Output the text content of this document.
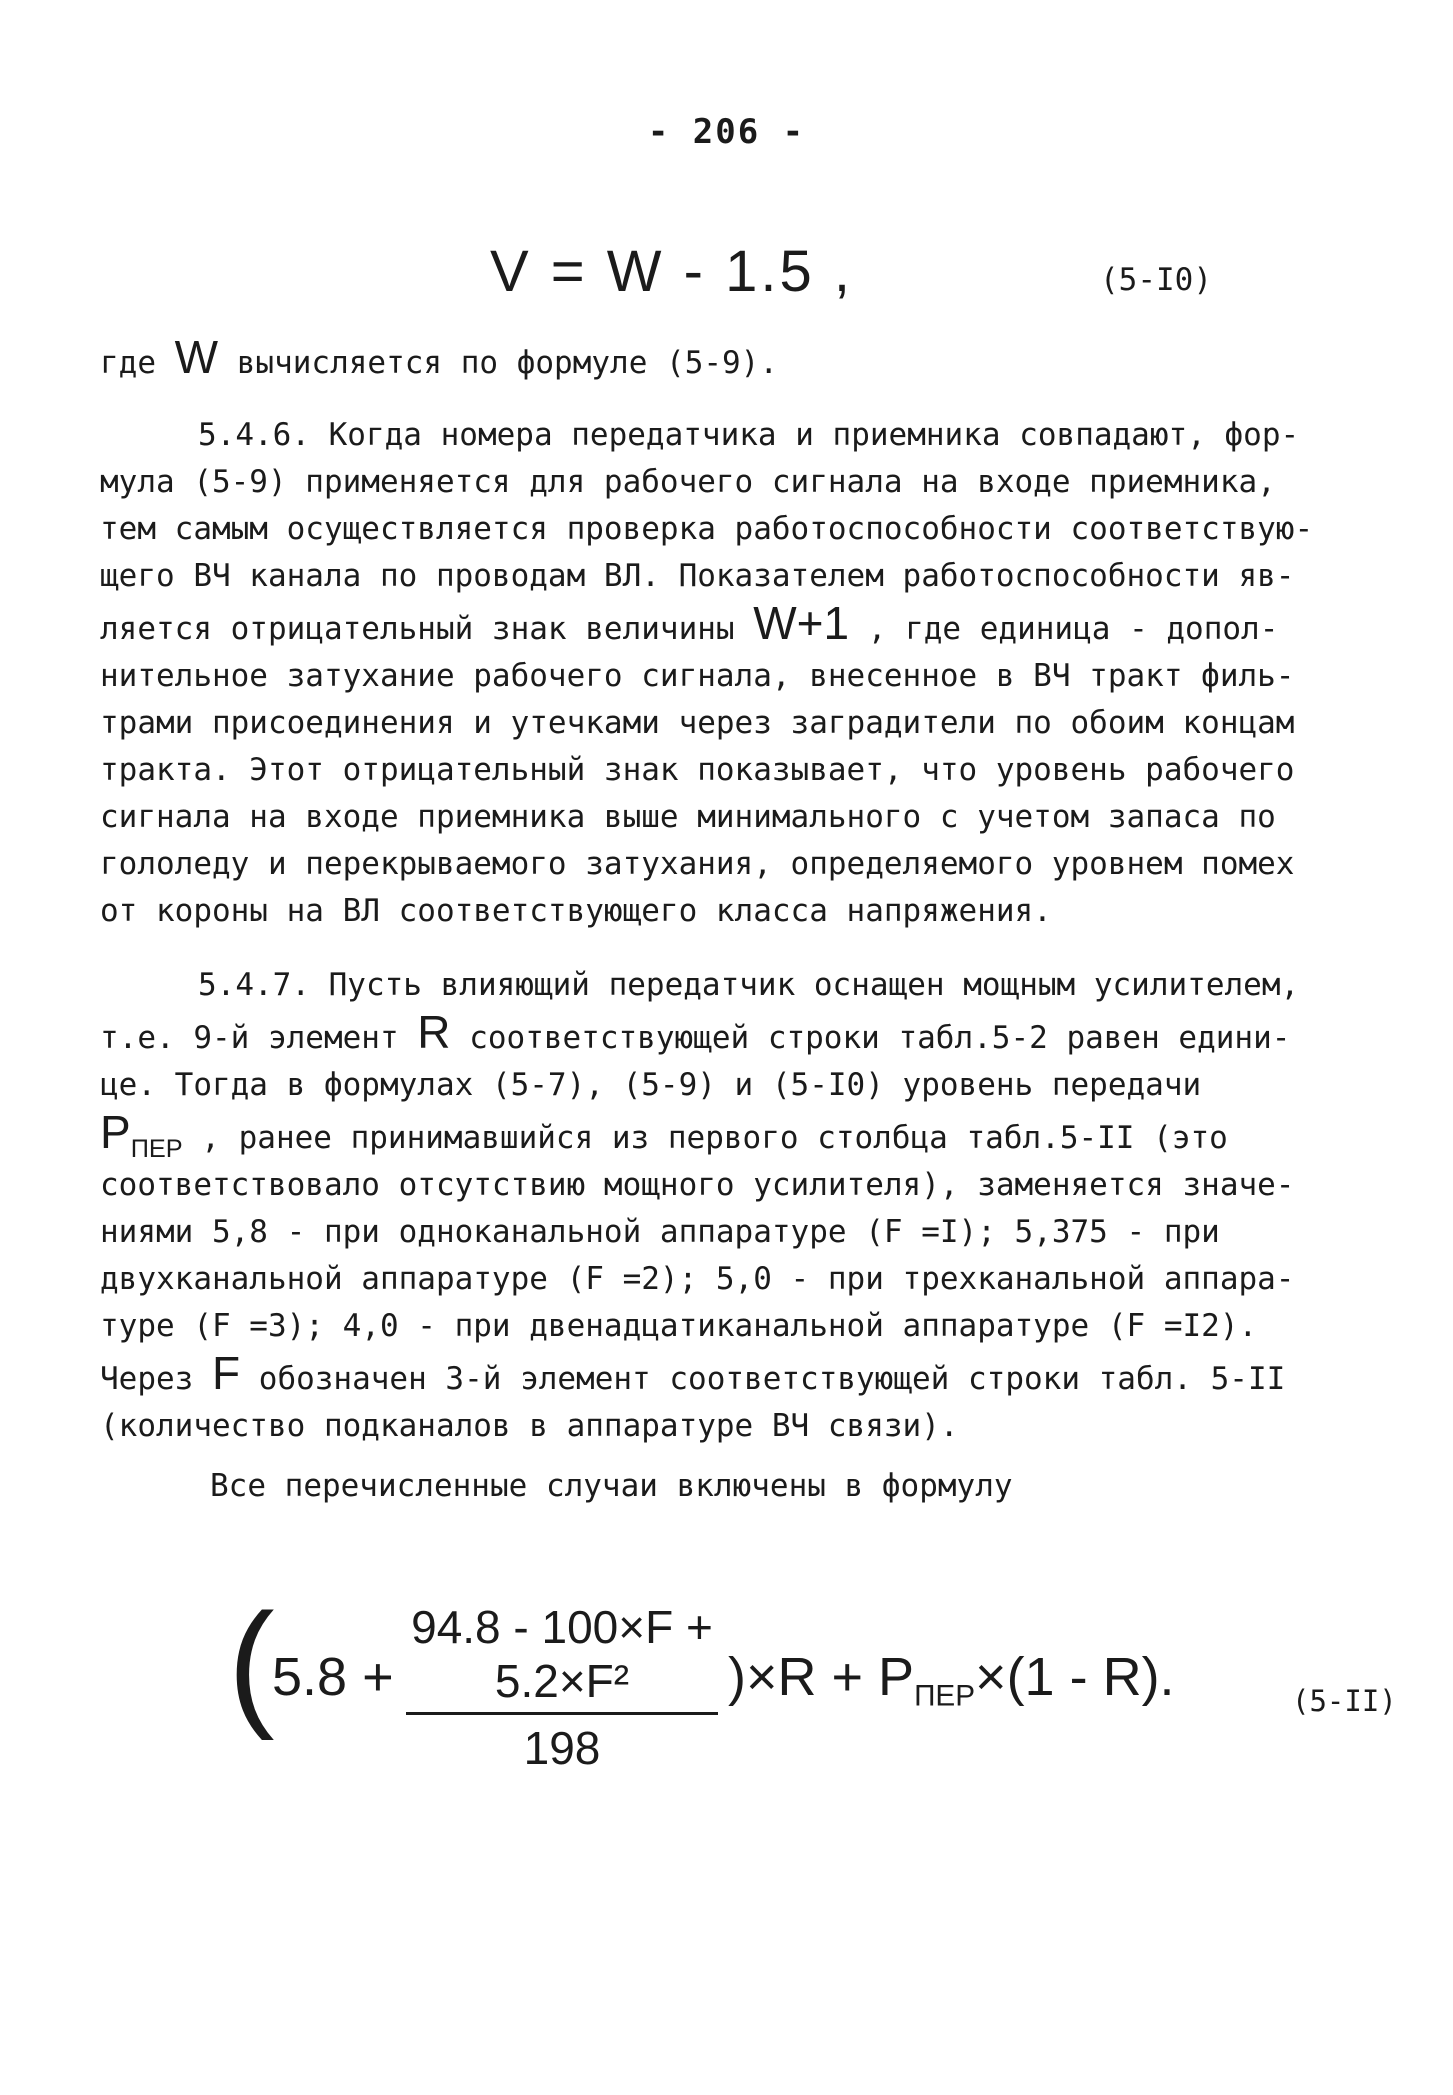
- 206 -
V = W - 1.5 ,	(5-I0)
где W вычисляется по формуле (5-9).
5.4.6. Когда номера передатчика и приемника совпадают, фор-
мула (5-9) применяется для рабочего сигнала на входе приемника,
тем самым осуществляется проверка работоспособности соответствую-
щего ВЧ канала по проводам ВЛ. Показателем работоспособности яв-
ляется отрицательный знак величины W+1 , где единица - допол-
нительное затухание рабочего сигнала, внесенное в ВЧ тракт филь-
трами присоединения и утечками через заградители по обоим концам
тракта. Этот отрицательный знак показывает, что уровень рабочего
сигнала на входе приемника выше минимального с учетом запаса по
гололеду и перекрываемого затухания, определяемого уровнем помех
от короны на ВЛ соответствующего класса напряжения.
5.4.7. Пусть влияющий передатчик оснащен мощным усилителем,
т.е. 9-й элемент R соответствующей строки табл.5-2 равен едини-
це. Тогда в формулах (5-7), (5-9) и (5-I0) уровень передачи
$P_{ПЕР}$ , ранее принимавшийся из первого столбца табл.5-II (это
соответствовало отсутствию мощного усилителя), заменяется значе-
ниями 5,8 - при одноканальной аппаратуре (F =I); 5,375 - при
двухканальной аппаратуре (F =2); 5,0 - при трехканальной аппара-
туре (F =3); 4,0 - при двенадцатиканальной аппаратуре (F =I2).
Через F обозначен 3-й элемент соответствующей строки табл. 5-II
(количество подканалов в аппаратуре ВЧ связи).
Все перечисленные случаи включены в формулу
(
5.8 +
94.8 - 100×F + 5.2×F²
198
)$\times R + P_{ПЕР}\times(1 - R)$.	(5-II)
